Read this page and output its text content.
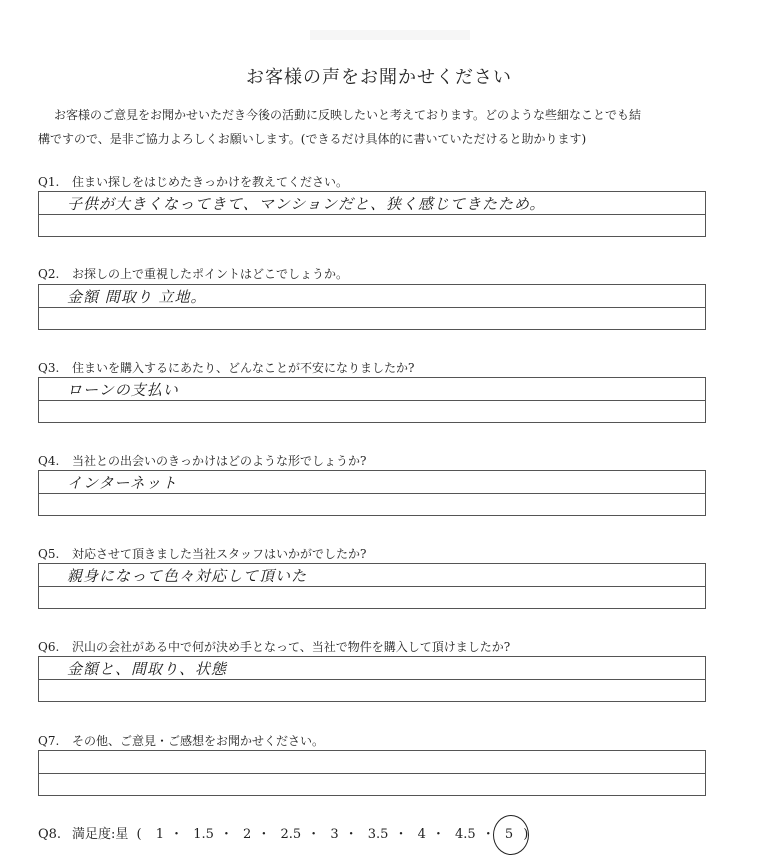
お客様の声をお聞かせください

お客様のご意見をお聞かせいただき今後の活動に反映したいと考えております。どのような些細なことでも結

構ですので、是非ご協力よろしくお願いします。(できるだけ具体的に書いていただけると助かります)

Q1. 住まい探しをはじめたきっかけを教えてください。
子供が大きくなってきて、マンションだと、狭く感じてきたため。
Q2. お探しの上で重視したポイントはどこでしょうか。
金額 間取り 立地。
Q3. 住まいを購入するにあたり、どんなことが不安になりましたか?
ローンの支払い
Q4. 当社との出会いのきっかけはどのような形でしょうか?
インターネット
Q5. 対応させて頂きました当社スタッフはいかがでしたか?
親身になって色々対応して頂いた
Q6. 沢山の会社がある中で何が決め手となって、当社で物件を購入して頂けましたか?
金額と、間取り、状態
Q7. その他、ご意見・ご感想をお聞かせください。
Q8. 満足度:星 ( 1 ・ 1.5 ・ 2 ・ 2.5 ・ 3 ・ 3.5 ・ 4 ・ 4.5 ・ 5 )
